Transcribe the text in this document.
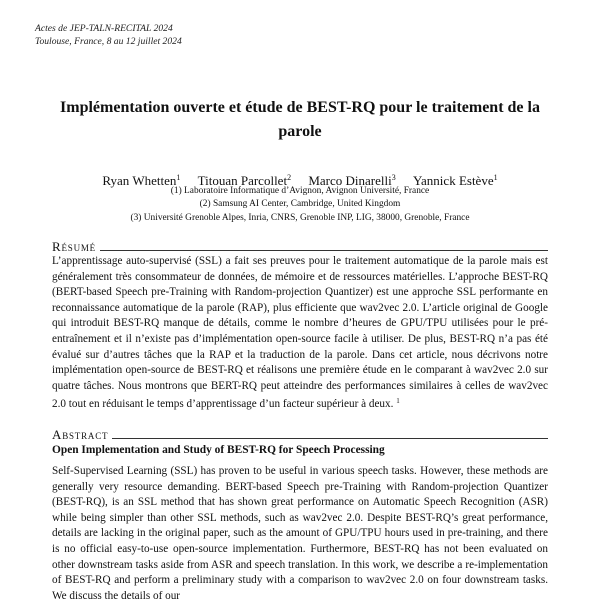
Actes de JEP-TALN-RECITAL 2024
Toulouse, France, 8 au 12 juillet 2024
Implémentation ouverte et étude de BEST-RQ pour le traitement de la parole
Ryan Whetten$^1$ Titouan Parcollet$^2$ Marco Dinarelli$^3$ Yannick Estève$^1$
(1) Laboratoire Informatique d’Avignon, Avignon Université, France
(2) Samsung AI Center, Cambridge, United Kingdom
(3) Université Grenoble Alpes, Inria, CNRS, Grenoble INP, LIG, 38000, Grenoble, France
Résumé
L’apprentissage auto-supervisé (SSL) a fait ses preuves pour le traitement automatique de la parole mais est généralement très consommateur de données, de mémoire et de ressources matérielles. L’approche BEST-RQ (BERT-based Speech pre-Training with Random-projection Quantizer) est une approche SSL performante en reconnaissance automatique de la parole (RAP), plus efficiente que wav2vec 2.0. L’article original de Google qui introduit BEST-RQ manque de détails, comme le nombre d’heures de GPU/TPU utilisées pour le pré-entraînement et il n’existe pas d’implémentation open-source facile à utiliser. De plus, BEST-RQ n’a pas été évalué sur d’autres tâches que la RAP et la traduction de la parole. Dans cet article, nous décrivons notre implémentation open-source de BEST-RQ et réalisons une première étude en le comparant à wav2vec 2.0 sur quatre tâches. Nous montrons que BERT-RQ peut atteindre des performances similaires à celles de wav2vec 2.0 tout en réduisant le temps d’apprentissage d’un facteur supérieur à deux. $^1$
Abstract
Open Implementation and Study of BEST-RQ for Speech Processing
Self-Supervised Learning (SSL) has proven to be useful in various speech tasks. However, these methods are generally very resource demanding. BERT-based Speech pre-Training with Random-projection Quantizer (BEST-RQ), is an SSL method that has shown great performance on Automatic Speech Recognition (ASR) while being simpler than other SSL methods, such as wav2vec 2.0. Despite BEST-RQ’s great performance, details are lacking in the original paper, such as the amount of GPU/TPU hours used in pre-training, and there is no official easy-to-use open-source implementation. Furthermore, BEST-RQ has not been evaluated on other downstream tasks aside from ASR and speech translation. In this work, we describe a re-implementation of BEST-RQ and perform a preliminary study with a comparison to wav2vec 2.0 on four downstream tasks. We discuss the details of our
